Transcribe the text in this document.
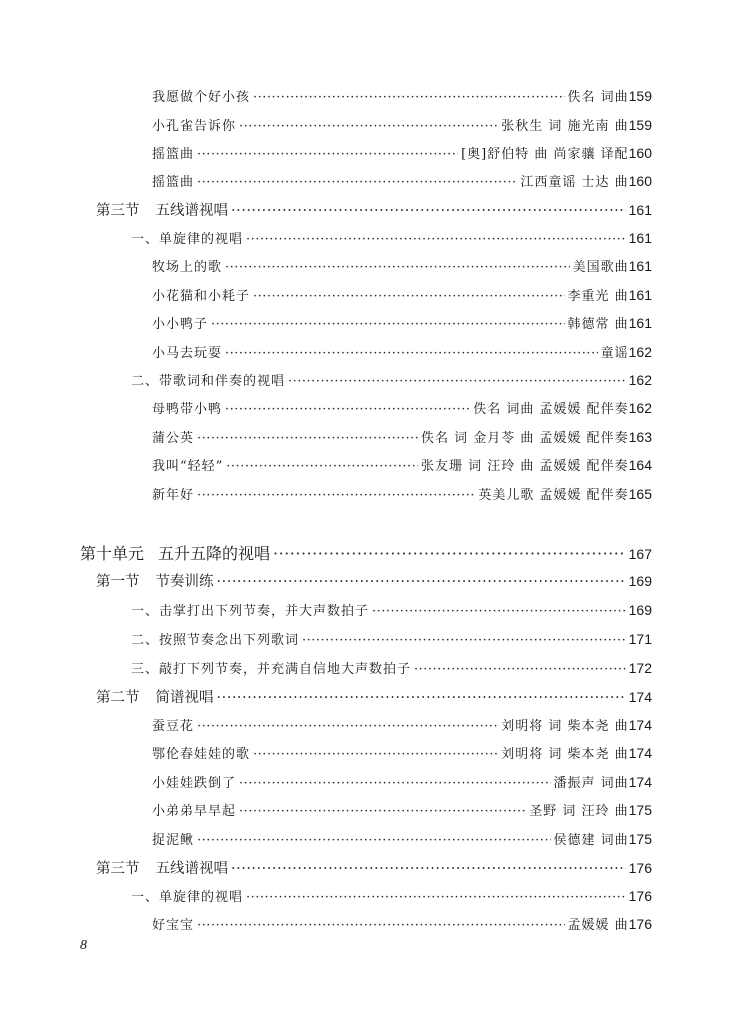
我愿做个好小孩 ·····	佚名 词曲 159
小孔雀告诉你 ·····	张秋生 词 施光南 曲 159
摇篮曲 ·····	[奥]舒伯特 曲 尚家骧 译配 160
摇篮曲 ·····	江西童谣 士达 曲 160
第三节 五线谱视唱 ·····	161
一、单旋律的视唱 ·····	161
牧场上的歌 ·····	美国歌曲 161
小花猫和小耗子 ·····	李重光 曲 161
小小鸭子 ·····	韩德常 曲 161
小马去玩耍 ·····	童谣 162
二、带歌词和伴奏的视唱 ·····	162
母鸭带小鸭 ·····	佚名 词曲 孟媛媛 配伴奏 162
蒲公英 ·····	佚名 词 金月苓 曲 孟媛媛 配伴奏 163
我叫“轻轻” ·····	张友珊 词 汪玲 曲 孟媛媛 配伴奏 164
新年好 ·····	英美儿歌 孟媛媛 配伴奏 165
第十单元 五升五降的视唱 ·····	167
第一节 节奏训练 ·····	169
一、击掌打出下列节奏，并大声数拍子 ·····	169
二、按照节奏念出下列歌词 ·····	171
三、敲打下列节奏，并充满自信地大声数拍子 ·····	172
第二节 简谱视唱 ·····	174
蚕豆花 ·····	刘明将 词 柴本尧 曲 174
鄂伦春娃娃的歌 ·····	刘明将 词 柴本尧 曲 174
小娃娃跌倒了 ·····	潘振声 词曲 174
小弟弟早早起 ·····	圣野 词 汪玲 曲 175
捉泥鳅 ·····	侯德建 词曲 175
第三节 五线谱视唱 ·····	176
一、单旋律的视唱 ·····	176
好宝宝 ·····	孟媛媛 曲 176
8
